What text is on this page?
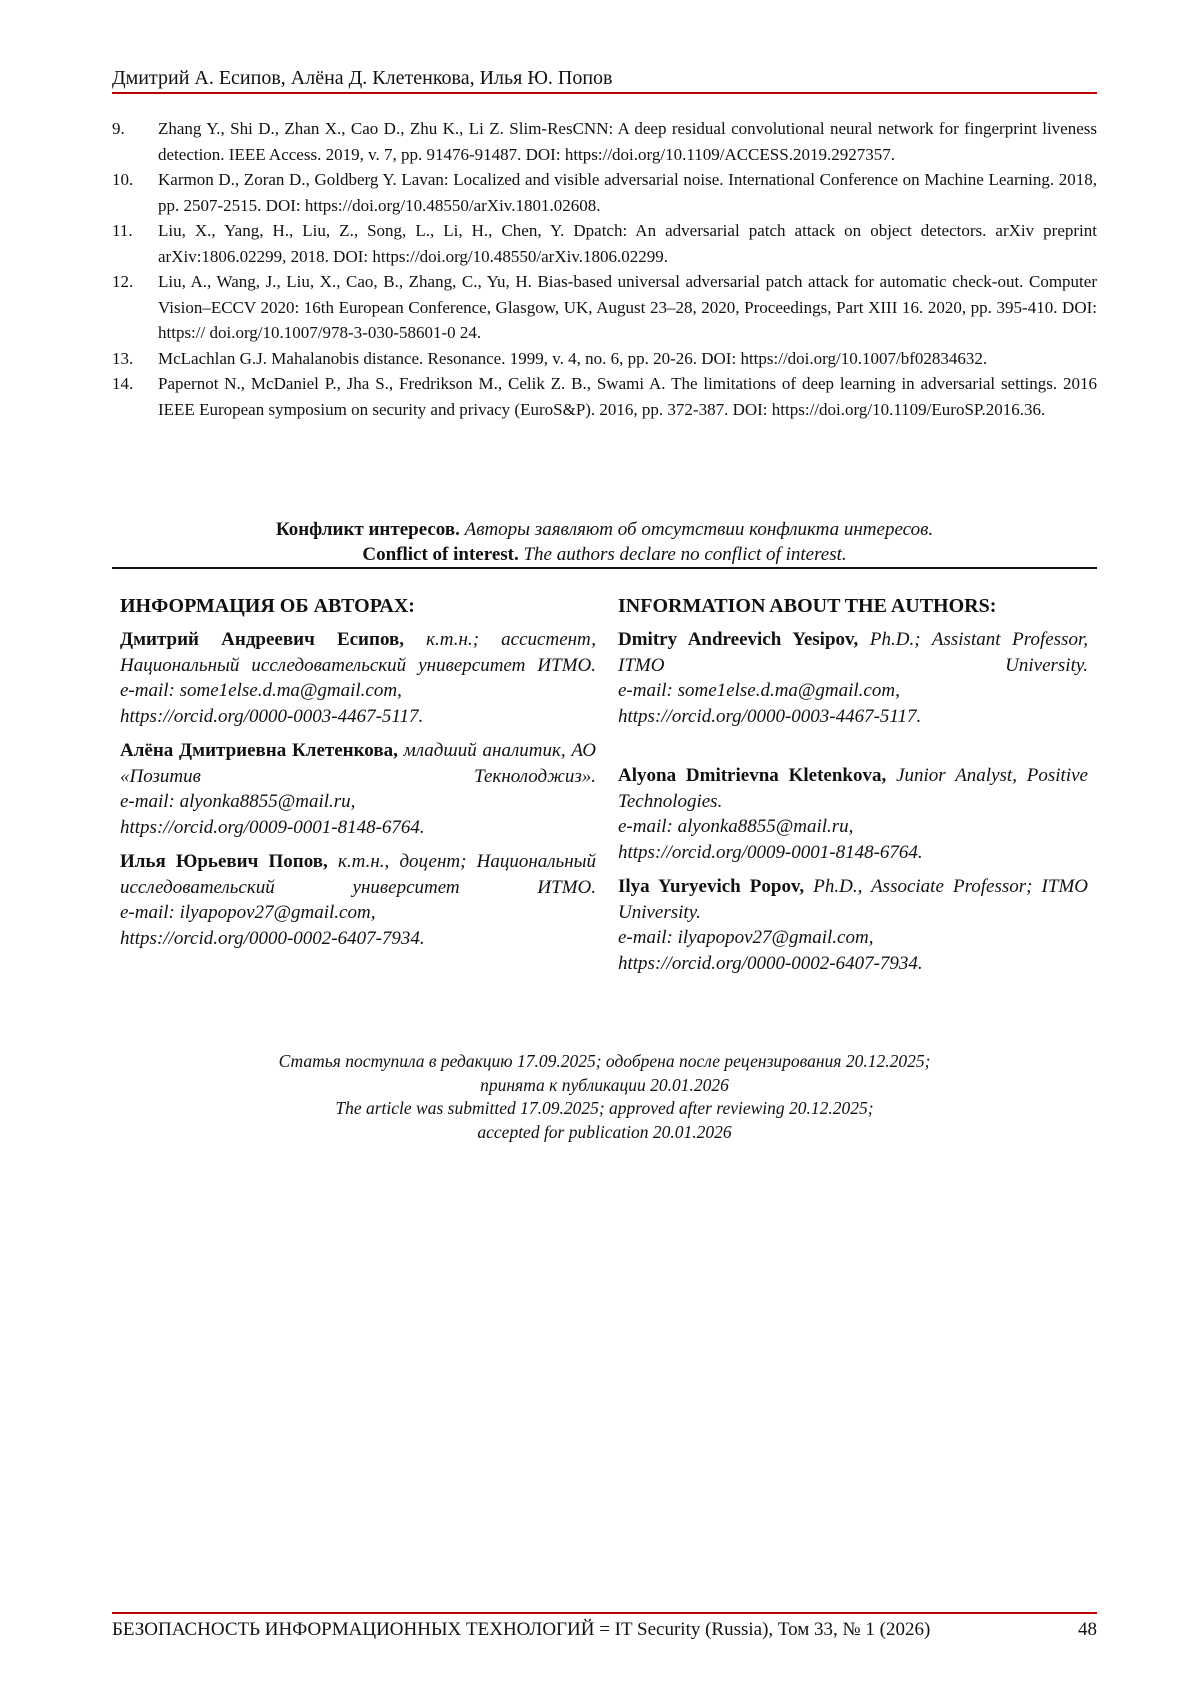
Дмитрий А. Есипов, Алёна Д. Клетенкова, Илья Ю. Попов
9.	Zhang Y., Shi D., Zhan X., Cao D., Zhu K., Li Z. Slim-ResCNN: A deep residual convolutional neural network for fingerprint liveness detection. IEEE Access. 2019, v. 7, pp. 91476-91487. DOI: https://doi.org/10.1109/ACCESS.2019.2927357.
10.	Karmon D., Zoran D., Goldberg Y. Lavan: Localized and visible adversarial noise. International Conference on Machine Learning. 2018, pp. 2507-2515. DOI: https://doi.org/10.48550/arXiv.1801.02608.
11.	Liu, X., Yang, H., Liu, Z., Song, L., Li, H., Chen, Y. Dpatch: An adversarial patch attack on object detectors. arXiv preprint arXiv:1806.02299, 2018. DOI: https://doi.org/10.48550/arXiv.1806.02299.
12.	Liu, A., Wang, J., Liu, X., Cao, B., Zhang, C., Yu, H. Bias-based universal adversarial patch attack for automatic check-out. Computer Vision–ECCV 2020: 16th European Conference, Glasgow, UK, August 23–28, 2020, Proceedings, Part XIII 16. 2020, pp. 395-410. DOI: https:// doi.org/10.1007/978-3-030-58601-0 24.
13.	McLachlan G.J. Mahalanobis distance. Resonance. 1999, v. 4, no. 6, pp. 20-26. DOI: https://doi.org/10.1007/bf02834632.
14.	Papernot N., McDaniel P., Jha S., Fredrikson M., Celik Z. B., Swami A. The limitations of deep learning in adversarial settings. 2016 IEEE European symposium on security and privacy (EuroS&P). 2016, pp. 372-387. DOI: https://doi.org/10.1109/EuroSP.2016.36.
Конфликт интересов. Авторы заявляют об отсутствии конфликта интересов.
Conflict of interest. The authors declare no conflict of interest.
ИНФОРМАЦИЯ ОБ АВТОРАХ:
Дмитрий Андреевич Есипов, к.т.н.; ассистент, Национальный исследовательский университет ИТМО.
e-mail: some1else.d.ma@gmail.com,
https://orcid.org/0000-0003-4467-5117.
Алёна Дмитриевна Клетенкова, младший аналитик, АО «Позитив Текнолоджиз».
e-mail: alyonka8855@mail.ru,
https://orcid.org/0009-0001-8148-6764.
Илья Юрьевич Попов, к.т.н., доцент; Национальный исследовательский университет ИТМО.
e-mail: ilyapopov27@gmail.com,
https://orcid.org/0000-0002-6407-7934.
INFORMATION ABOUT THE AUTHORS:
Dmitry Andreevich Yesipov, Ph.D.; Assistant Professor, ITMO University.
e-mail: some1else.d.ma@gmail.com,
https://orcid.org/0000-0003-4467-5117.
Alyona Dmitrievna Kletenkova, Junior Analyst, Positive Technologies.
e-mail: alyonka8855@mail.ru,
https://orcid.org/0009-0001-8148-6764.
Ilya Yuryevich Popov, Ph.D., Associate Professor; ITMO University.
e-mail: ilyapopov27@gmail.com,
https://orcid.org/0000-0002-6407-7934.
Статья поступила в редакцию 17.09.2025; одобрена после рецензирования 20.12.2025;
принята к публикации 20.01.2026
The article was submitted 17.09.2025; approved after reviewing 20.12.2025;
accepted for publication 20.01.2026
БЕЗОПАСНОСТЬ ИНФОРМАЦИОННЫХ ТЕХНОЛОГИЙ = IT Security (Russia), Том 33, № 1 (2026)	48
